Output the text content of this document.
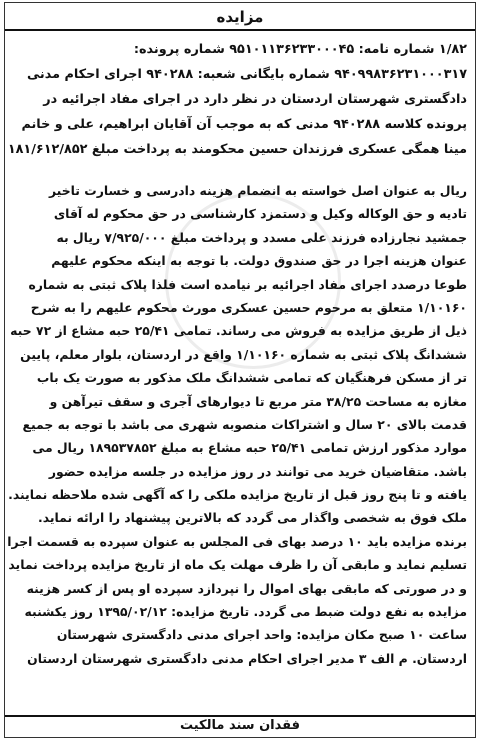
مزایده
۱/۸۲ شماره نامه: ۹۵۱۰۱۱۳۶۲۳۳۰۰۰۴۵ شماره پرونده:
۹۴۰۹۹۸۳۶۲۳۱۰۰۰۳۱۷ شماره بایگانی شعبه: ۹۴۰۲۸۸ اجرای احکام مدنی
دادگستری شهرستان اردستان در نظر دارد در اجرای مفاد اجرائیه در
پرونده کلاسه ۹۴۰۲۸۸ مدنی که به موجب آن آقایان ابراهیم، علی و خانم
مینا همگی عسکری فرزندان حسین محکومند به پرداخت مبلغ ۱۸۱/۶۱۲/۸۵۲
ریال به عنوان اصل خواسته به انضمام هزینه دادرسی و خسارت تاخیر
تادیه و حق الوکاله وکیل و دستمزد کارشناسی در حق محکوم له آقای
جمشید نجارزاده فرزند علی مسدد و پرداخت مبلغ ۷/۹۲۵/۰۰۰ ریال به
عنوان هزینه اجرا در حق صندوق دولت. با توجه به اینکه محکوم علیهم
طوعا درصدد اجرای مفاد اجرائیه بر نیامده است فلذا پلاک ثبتی به شماره
۱/۱۰۱۶۰ متعلق به مرحوم حسین عسکری مورث محکوم علیهم را به شرح
ذیل از طریق مزایده به فروش می رساند. تمامی ۲۵/۴۱ حبه مشاع از ۷۲ حبه
ششدانگ پلاک ثبتی به شماره ۱/۱۰۱۶۰ واقع در اردستان، بلوار معلم، پایین
تر از مسکن فرهنگیان که تمامی ششدانگ ملک مذکور به صورت یک باب
مغازه به مساحت ۳۸/۲۵ متر مربع تا دیوارهای آجری و سقف تیرآهن و
قدمت بالای ۲۰ سال و اشتراکات منصوبه شهری می باشد با توجه به جمیع
موارد مذکور ارزش تمامی ۲۵/۴۱ حبه مشاع به مبلغ ۱۸۹۵۳۷۸۵۲ ریال می
باشد. متقاضیان خرید می توانند در روز مزایده در جلسه مزایده حضور
یافته و تا پنج روز قبل از تاریخ مزایده ملکی را که آگهی شده ملاحظه نمایند.
ملک فوق به شخصی واگذار می گردد که بالاترین پیشنهاد را ارائه نماید.
برنده مزایده باید ۱۰ درصد بهای فی المجلس به عنوان سپرده به قسمت اجرا
تسلیم نماید و مابقی آن را ظرف مهلت یک ماه از تاریخ مزایده پرداخت نماید
و در صورتی که مابقی بهای اموال را نپردازد سپرده او پس از کسر هزینه
مزایده به نفع دولت ضبط می گردد. تاریخ مزایده: ۱۳۹۵/۰۲/۱۲ روز یکشنبه
ساعت ۱۰ صبح مکان مزایده: واحد اجرای مدنی دادگستری شهرستان
اردستان. م الف ۳ مدیر اجرای احکام مدنی دادگستری شهرستان اردستان
فقدان سند مالکیت
